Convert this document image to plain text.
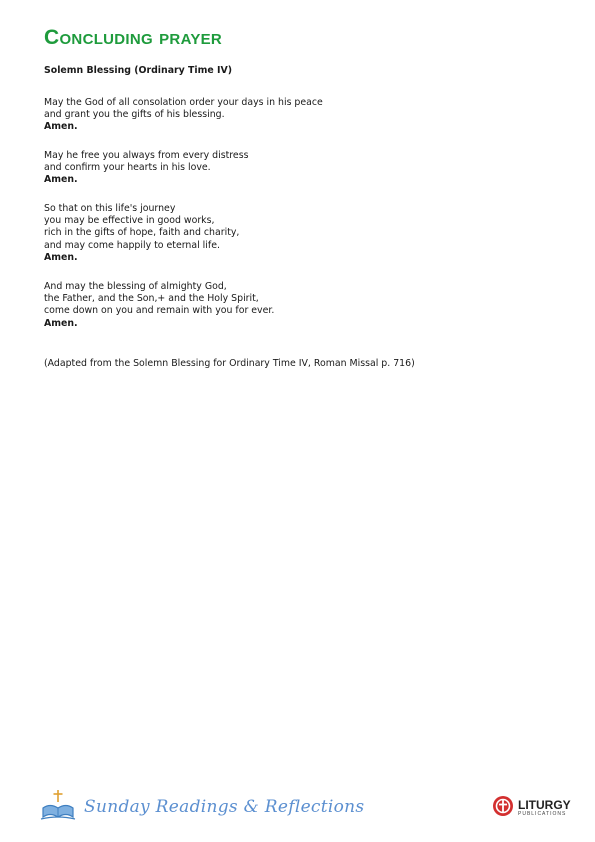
Concluding prayer

Solemn Blessing (Ordinary Time IV)

May the God of all consolation order your days in his peace
and grant you the gifts of his blessing.
Amen.
May he free you always from every distress
and confirm your hearts in his love.
Amen.
So that on this life's journey
you may be effective in good works,
rich in the gifts of hope, faith and charity,
and may come happily to eternal life.
Amen.
And may the blessing of almighty God,
the Father, and the Son,+ and the Holy Spirit,
come down on you and remain with you for ever.
Amen.
(Adapted from the Solemn Blessing for Ordinary Time IV, Roman Missal p. 716)
Sunday Readings & Reflections	LITURGY
PUBLICATIONS
